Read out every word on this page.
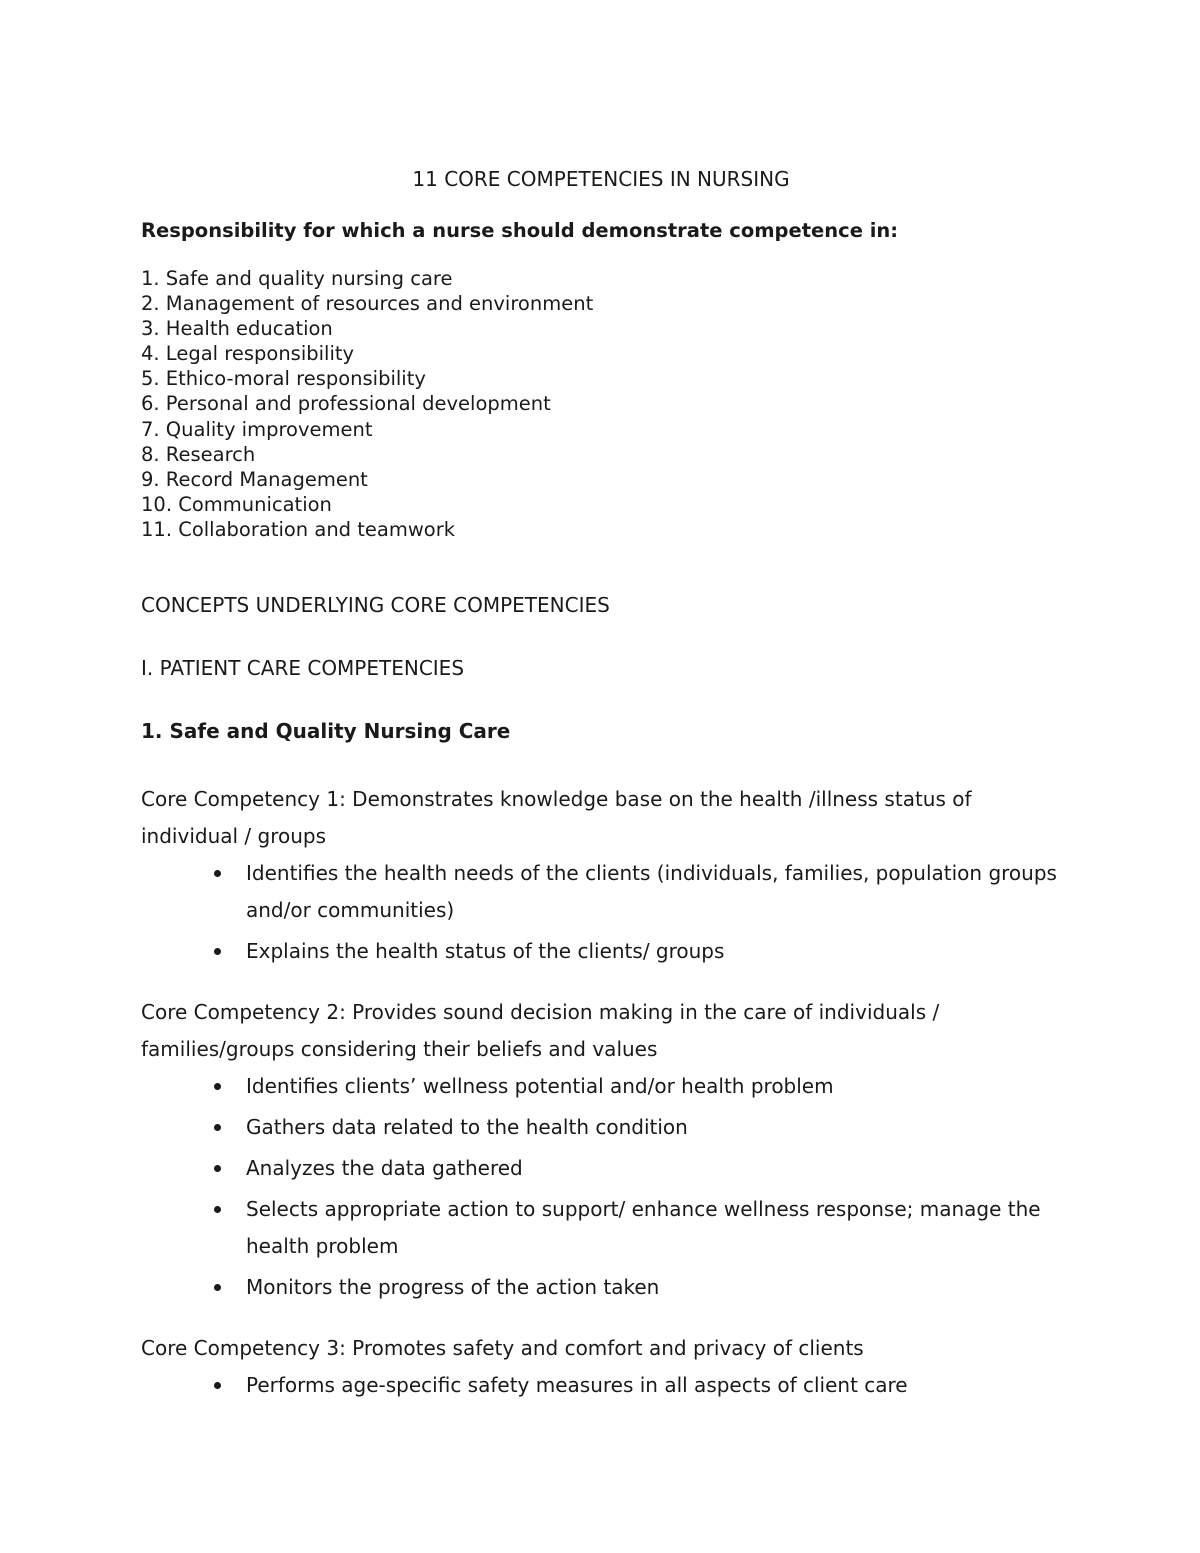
11 CORE COMPETENCIES IN NURSING
Responsibility for which a nurse should demonstrate competence in:
1. Safe and quality nursing care
2. Management of resources and environment
3. Health education
4. Legal responsibility
5. Ethico-moral responsibility
6. Personal and professional development
7. Quality improvement
8. Research
9. Record Management
10. Communication
11. Collaboration and teamwork
CONCEPTS UNDERLYING CORE COMPETENCIES
I. PATIENT CARE COMPETENCIES
1. Safe and Quality Nursing Care

Core Competency 1: Demonstrates knowledge base on the health /illness status of individual / groups

Identifies the health needs of the clients (individuals, families, population groups and/or communities)
Explains the health status of the clients/ groups

Core Competency 2: Provides sound decision making in the care of individuals / families/groups considering their beliefs and values

Identifies clients’ wellness potential and/or health problem
Gathers data related to the health condition
Analyzes the data gathered
Selects appropriate action to support/ enhance wellness response; manage the health problem
Monitors the progress of the action taken

Core Competency 3: Promotes safety and comfort and privacy of clients

Performs age-specific safety measures in all aspects of client care
